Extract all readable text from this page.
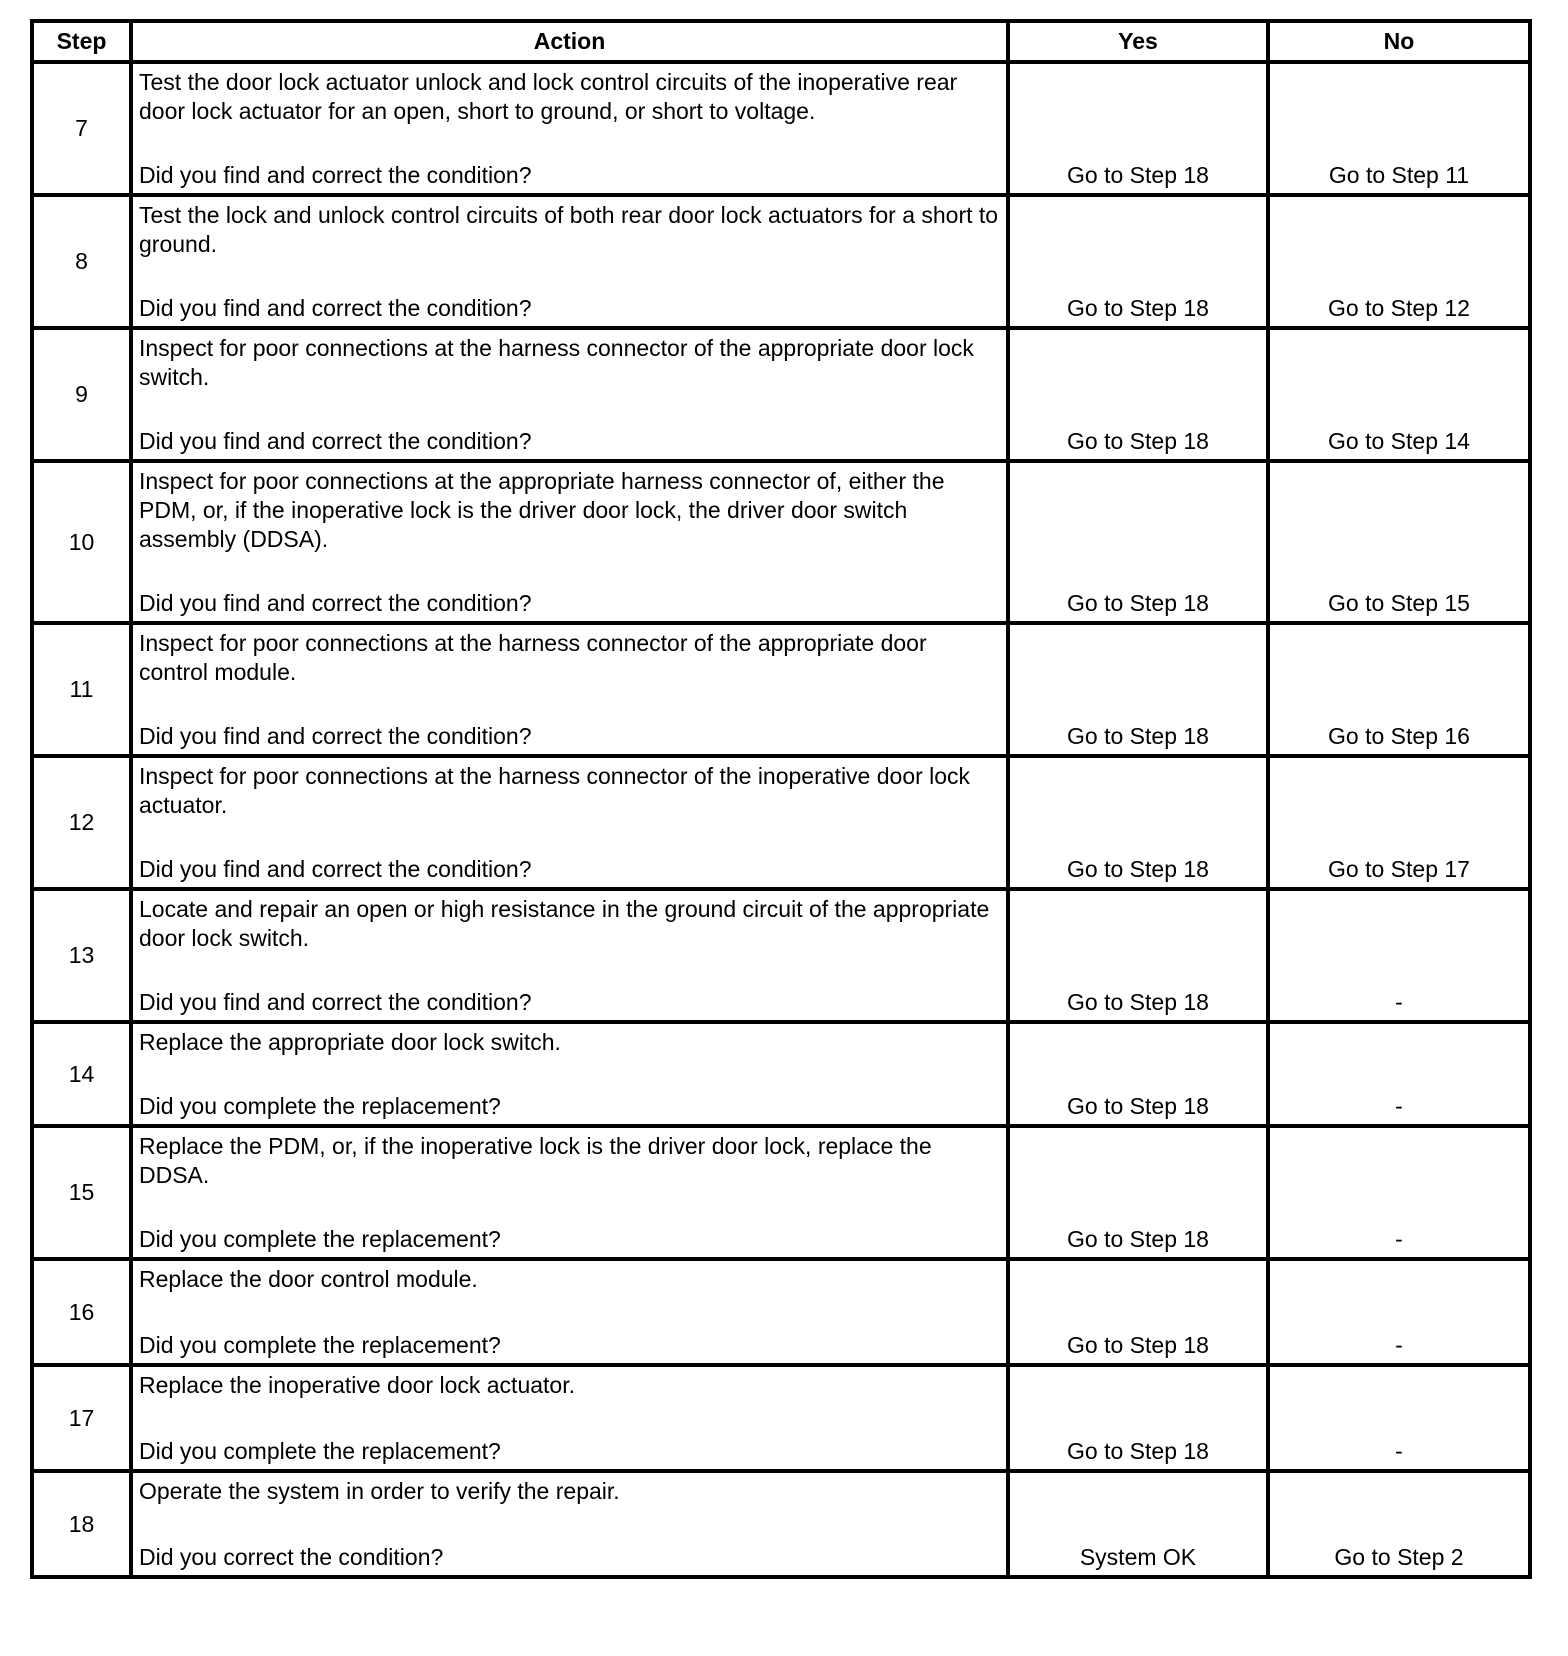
Step	Action	Yes	No
7	Test the door lock actuator unlock and lock control circuits of the inoperative rear door lock actuator for an open, short to ground, or short to voltage.
Did you find and correct the condition?	Go to Step 18	Go to Step 11
8	Test the lock and unlock control circuits of both rear door lock actuators for a short to ground.
Did you find and correct the condition?	Go to Step 18	Go to Step 12
9	Inspect for poor connections at the harness connector of the appropriate door lock switch.
Did you find and correct the condition?	Go to Step 18	Go to Step 14
10	Inspect for poor connections at the appropriate harness connector of, either the PDM, or, if the inoperative lock is the driver door lock, the driver door switch assembly (DDSA).
Did you find and correct the condition?	Go to Step 18	Go to Step 15
11	Inspect for poor connections at the harness connector of the appropriate door control module.
Did you find and correct the condition?	Go to Step 18	Go to Step 16
12	Inspect for poor connections at the harness connector of the inoperative door lock actuator.
Did you find and correct the condition?	Go to Step 18	Go to Step 17
13	Locate and repair an open or high resistance in the ground circuit of the appropriate door lock switch.
Did you find and correct the condition?	Go to Step 18	-
14	Replace the appropriate door lock switch.
Did you complete the replacement?	Go to Step 18	-
15	Replace the PDM, or, if the inoperative lock is the driver door lock, replace the DDSA.
Did you complete the replacement?	Go to Step 18	-
16	Replace the door control module.
Did you complete the replacement?	Go to Step 18	-
17	Replace the inoperative door lock actuator.
Did you complete the replacement?	Go to Step 18	-
18	Operate the system in order to verify the repair.
Did you correct the condition?	System OK	Go to Step 2
